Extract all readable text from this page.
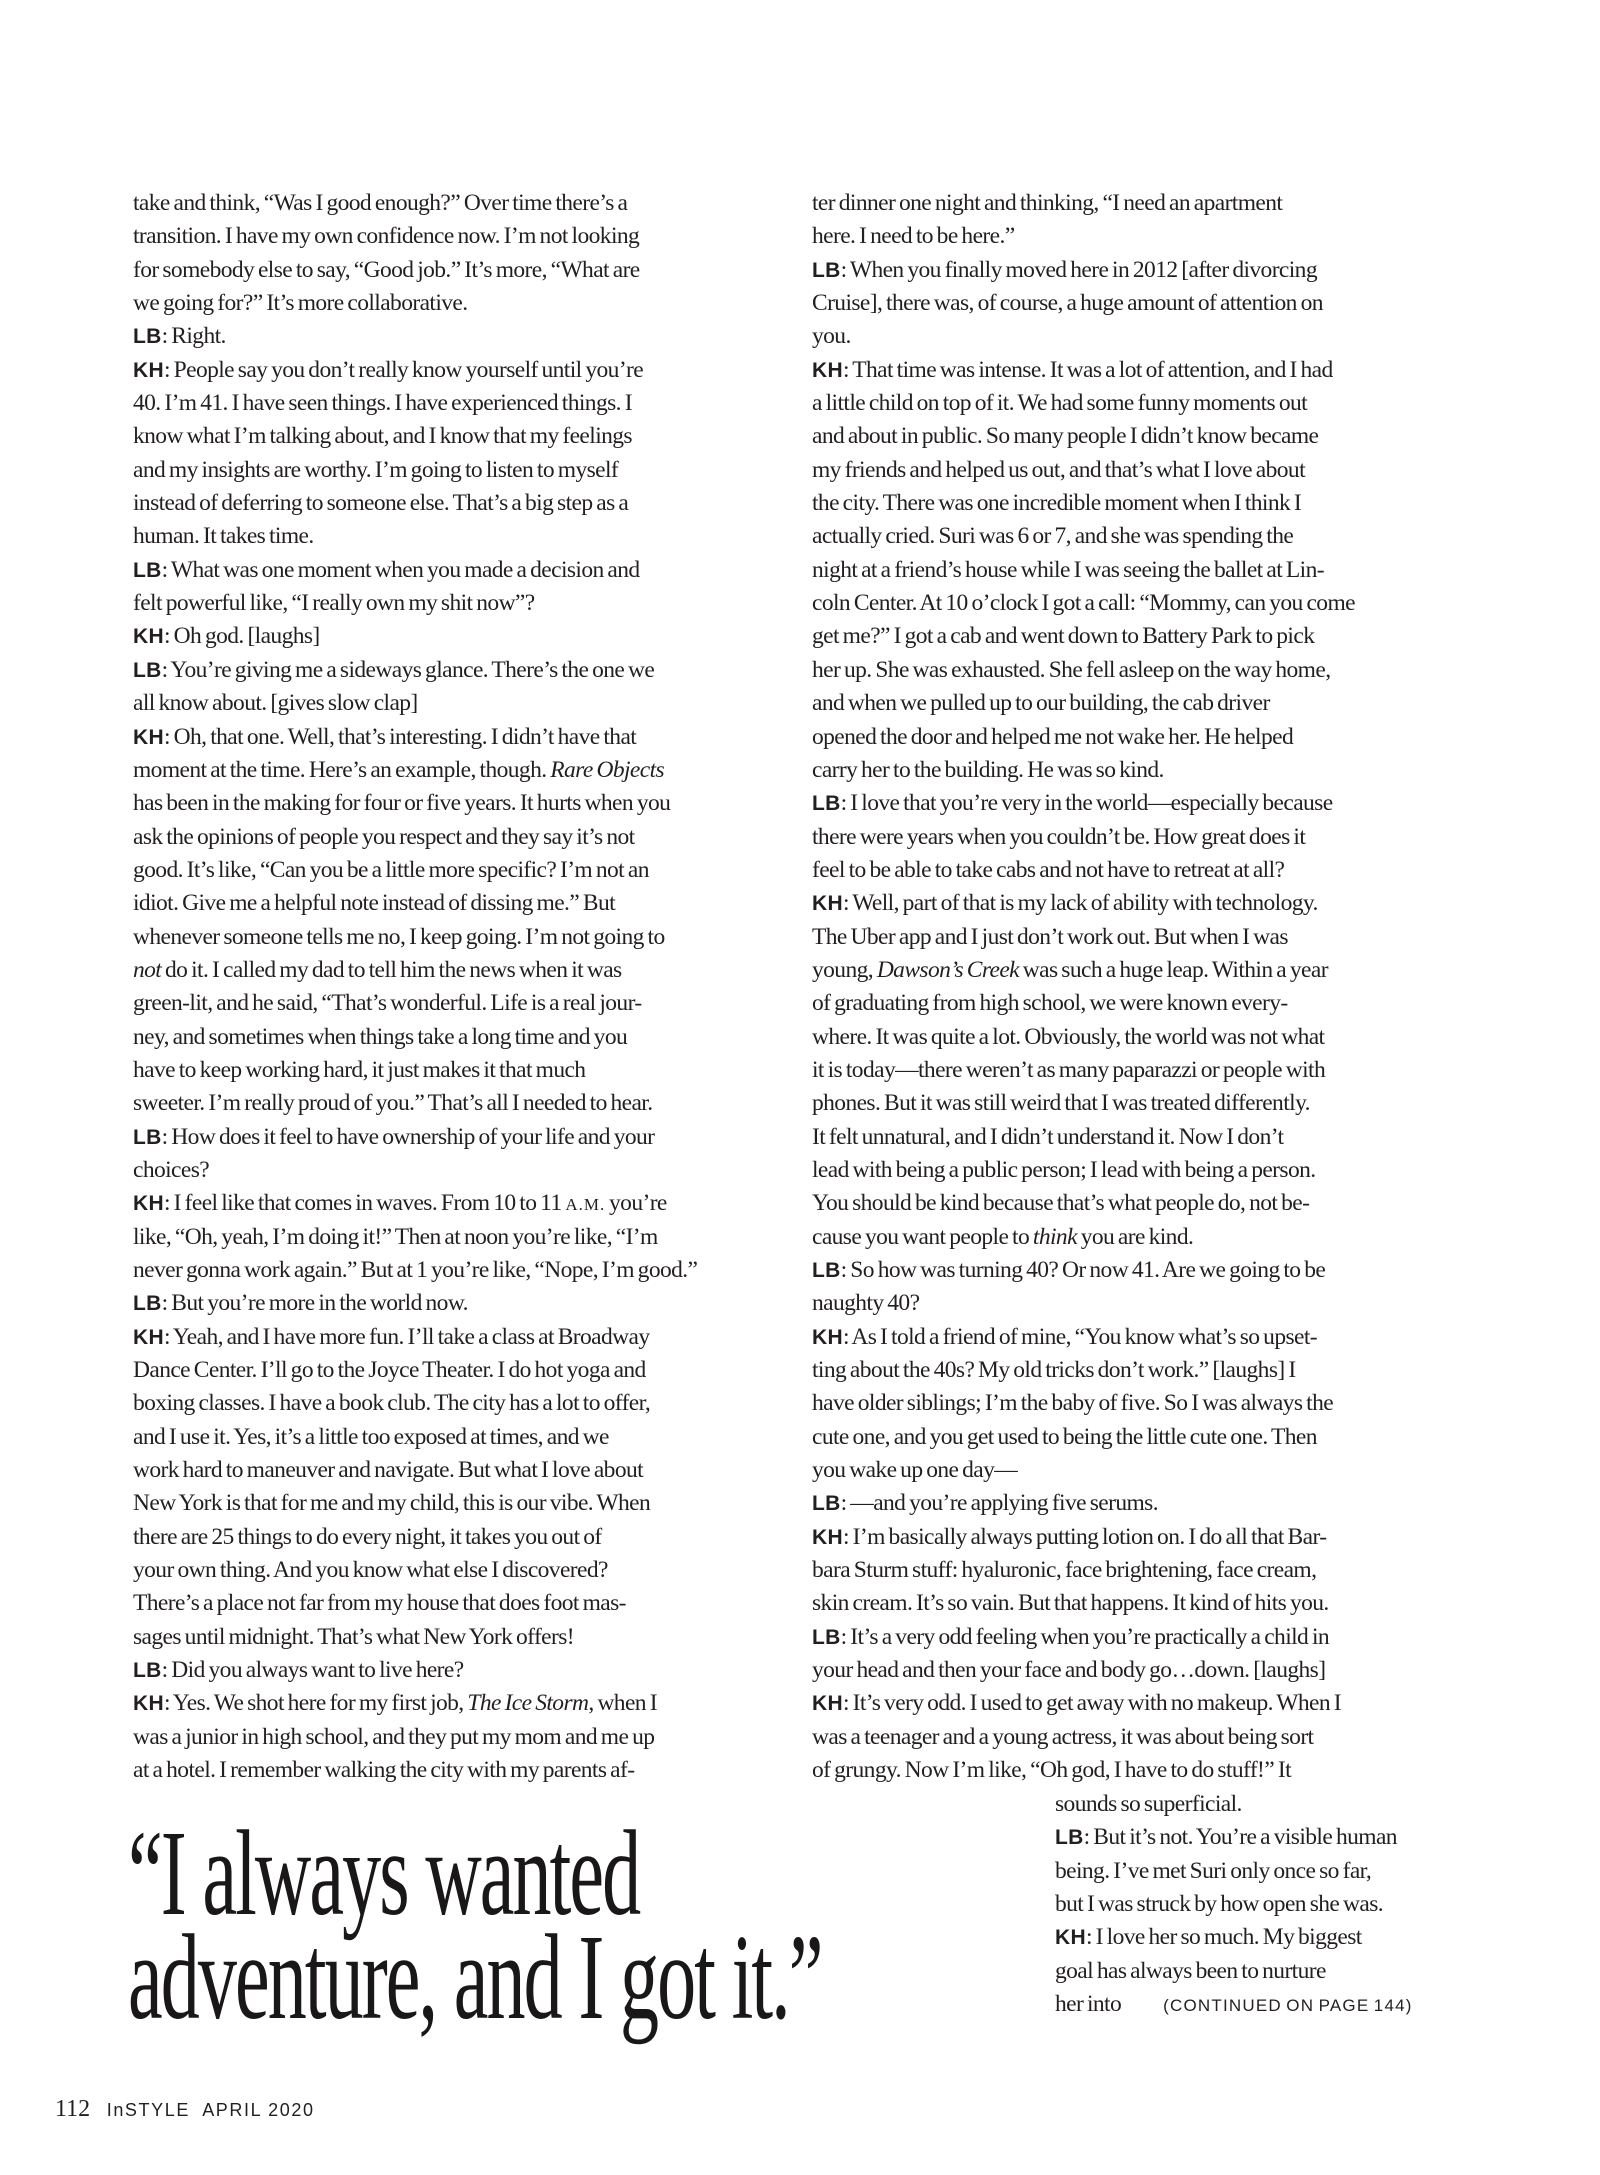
take and think, “Was I good enough?” Over time there’s a
transition. I have my own confidence now. I’m not looking
for somebody else to say, “Good job.” It’s more, “What are
we going for?” It’s more collaborative.
LB: Right.
KH: People say you don’t really know yourself until you’re
40. I’m 41. I have seen things. I have experienced things. I
know what I’m talking about, and I know that my feelings
and my insights are worthy. I’m going to listen to myself
instead of deferring to someone else. That’s a big step as a
human. It takes time.
LB: What was one moment when you made a decision and
felt powerful like, “I really own my shit now”?
KH: Oh god. [laughs]
LB: You’re giving me a sideways glance. There’s the one we
all know about. [gives slow clap]
KH: Oh, that one. Well, that’s interesting. I didn’t have that
moment at the time. Here’s an example, though. Rare Objects
has been in the making for four or five years. It hurts when you
ask the opinions of people you respect and they say it’s not
good. It’s like, “Can you be a little more specific? I’m not an
idiot. Give me a helpful note instead of dissing me.” But
whenever someone tells me no, I keep going. I’m not going to
not do it. I called my dad to tell him the news when it was
green-lit, and he said, “That’s wonderful. Life is a real jour-
ney, and sometimes when things take a long time and you
have to keep working hard, it just makes it that much
sweeter. I’m really proud of you.” That’s all I needed to hear.
LB: How does it feel to have ownership of your life and your
choices?
KH: I feel like that comes in waves. From 10 to 11 A.M. you’re
like, “Oh, yeah, I’m doing it!” Then at noon you’re like, “I’m
never gonna work again.” But at 1 you’re like, “Nope, I’m good.”
LB: But you’re more in the world now.
KH: Yeah, and I have more fun. I’ll take a class at Broadway
Dance Center. I’ll go to the Joyce Theater. I do hot yoga and
boxing classes. I have a book club. The city has a lot to offer,
and I use it. Yes, it’s a little too exposed at times, and we
work hard to maneuver and navigate. But what I love about
New York is that for me and my child, this is our vibe. When
there are 25 things to do every night, it takes you out of
your own thing. And you know what else I discovered?
There’s a place not far from my house that does foot mas-
sages until midnight. That’s what New York offers!
LB: Did you always want to live here?
KH: Yes. We shot here for my first job, The Ice Storm, when I
was a junior in high school, and they put my mom and me up
at a hotel. I remember walking the city with my parents af-
ter dinner one night and thinking, “I need an apartment
here. I need to be here.”
LB: When you finally moved here in 2012 [after divorcing
Cruise], there was, of course, a huge amount of attention on
you.
KH: That time was intense. It was a lot of attention, and I had
a little child on top of it. We had some funny moments out
and about in public. So many people I didn’t know became
my friends and helped us out, and that’s what I love about
the city. There was one incredible moment when I think I
actually cried. Suri was 6 or 7, and she was spending the
night at a friend’s house while I was seeing the ballet at Lin-
coln Center. At 10 o’clock I got a call: “Mommy, can you come
get me?” I got a cab and went down to Battery Park to pick
her up. She was exhausted. She fell asleep on the way home,
and when we pulled up to our building, the cab driver
opened the door and helped me not wake her. He helped
carry her to the building. He was so kind.
LB: I love that you’re very in the world—especially because
there were years when you couldn’t be. How great does it
feel to be able to take cabs and not have to retreat at all?
KH: Well, part of that is my lack of ability with technology.
The Uber app and I just don’t work out. But when I was
young, Dawson’s Creek was such a huge leap. Within a year
of graduating from high school, we were known every-
where. It was quite a lot. Obviously, the world was not what
it is today—there weren’t as many paparazzi or people with
phones. But it was still weird that I was treated differently.
It felt unnatural, and I didn’t understand it. Now I don’t
lead with being a public person; I lead with being a person.
You should be kind because that’s what people do, not be-
cause you want people to think you are kind.
LB: So how was turning 40? Or now 41. Are we going to be
naughty 40?
KH: As I told a friend of mine, “You know what’s so upset-
ting about the 40s? My old tricks don’t work.” [laughs] I
have older siblings; I’m the baby of five. So I was always the
cute one, and you get used to being the little cute one. Then
you wake up one day—
LB: —and you’re applying five serums.
KH: I’m basically always putting lotion on. I do all that Bar-
bara Sturm stuff: hyaluronic, face brightening, face cream,
skin cream. It’s so vain. But that happens. It kind of hits you.
LB: It’s a very odd feeling when you’re practically a child in
your head and then your face and body go…down. [laughs]
KH: It’s very odd. I used to get away with no makeup. When I
was a teenager and a young actress, it was about being sort
of grungy. Now I’m like, “Oh god, I have to do stuff!” It
sounds so superficial.
LB: But it’s not. You’re a visible human
being. I’ve met Suri only once so far,
but I was struck by how open she was.
KH: I love her so much. My biggest
goal has always been to nurture
her into (CONTINUED ON PAGE 144)
“I always wanted
adventure, and I got it.”
112 InSTYLE APRIL 2020
